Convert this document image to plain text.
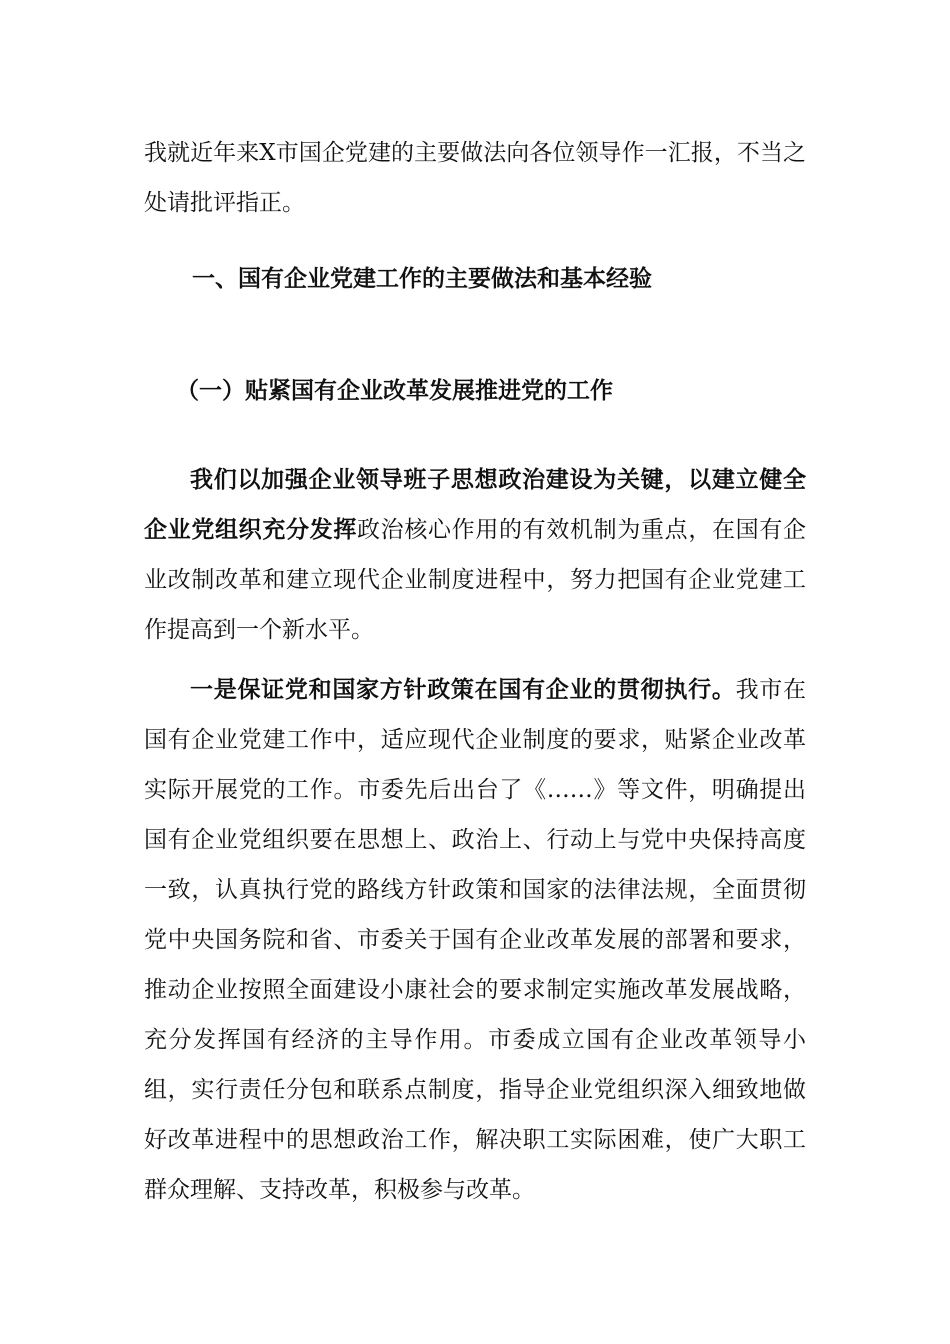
我就近年来X市国企党建的主要做法向各位领导作一汇报，不当之处请批评指正。

一、国有企业党建工作的主要做法和基本经验
（一）贴紧国有企业改革发展推进党的工作

我们以加强企业领导班子思想政治建设为关键，以建立健全企业党组织充分发挥政治核心作用的有效机制为重点，在国有企业改制改革和建立现代企业制度进程中，努力把国有企业党建工作提高到一个新水平。

一是保证党和国家方针政策在国有企业的贯彻执行。我市在国有企业党建工作中，适应现代企业制度的要求，贴紧企业改革实际开展党的工作。市委先后出台了《……》等文件，明确提出国有企业党组织要在思想上、政治上、行动上与党中央保持高度一致，认真执行党的路线方针政策和国家的法律法规，全面贯彻党中央国务院和省、市委关于国有企业改革发展的部署和要求，推动企业按照全面建设小康社会的要求制定实施改革发展战略，充分发挥国有经济的主导作用。市委成立国有企业改革领导小组，实行责任分包和联系点制度，指导企业党组织深入细致地做好改革进程中的思想政治工作，解决职工实际困难，使广大职工群众理解、支持改革，积极参与改革。
